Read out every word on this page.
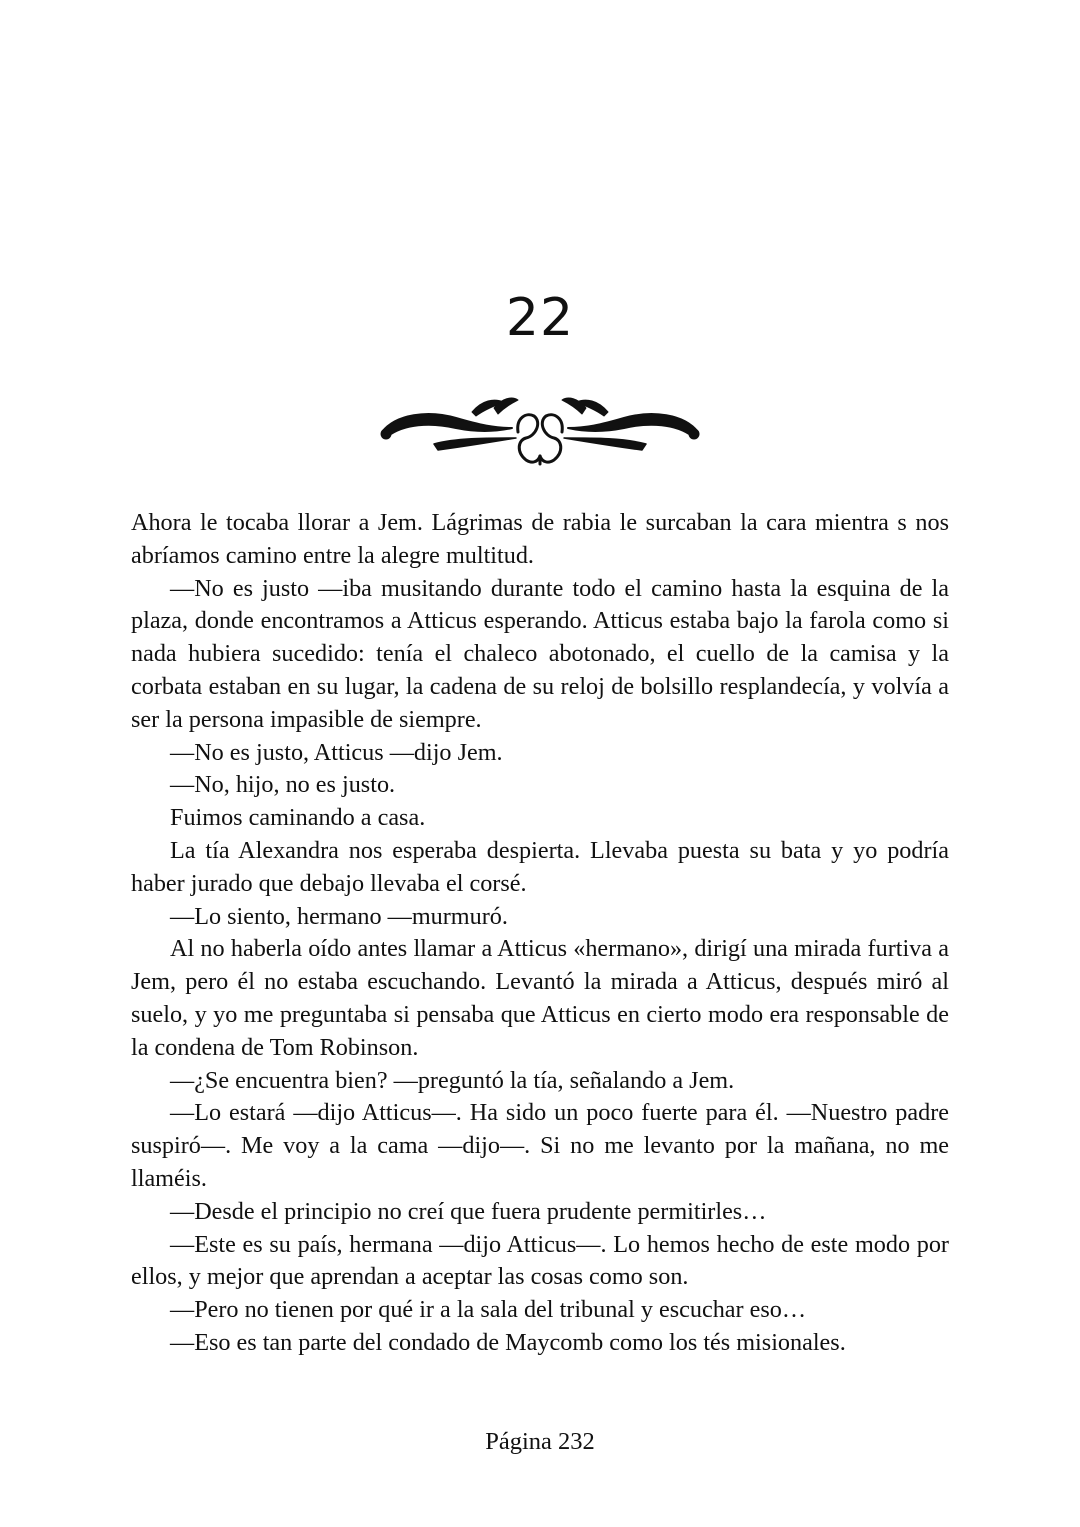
22

Ahora le tocaba llorar a Jem. Lágrimas de rabia le surcaban la cara mientra s nos abríamos camino entre la alegre multitud.

—No es justo —iba musitando durante todo el camino hasta la esquina de la plaza, donde encontramos a Atticus esperando. Atticus estaba bajo la farola como si nada hubiera sucedido: tenía el chaleco abotonado, el cuello de la camisa y la corbata estaban en su lugar, la cadena de su reloj de bolsillo resplandecía, y volvía a ser la persona impasible de siempre.

—No es justo, Atticus —dijo Jem.

—No, hijo, no es justo.

Fuimos caminando a casa.

La tía Alexandra nos esperaba despierta. Llevaba puesta su bata y yo podría haber jurado que debajo llevaba el corsé.

—Lo siento, hermano —murmuró.

Al no haberla oído antes llamar a Atticus «hermano», dirigí una mirada furtiva a Jem, pero él no estaba escuchando. Levantó la mirada a Atticus, después miró al suelo, y yo me preguntaba si pensaba que Atticus en cierto modo era responsable de la condena de Tom Robinson.

—¿Se encuentra bien? —preguntó la tía, señalando a Jem.

—Lo estará —dijo Atticus—. Ha sido un poco fuerte para él. —Nuestro padre suspiró—. Me voy a la cama —dijo—. Si no me levanto por la mañana, no me llaméis.

—Desde el principio no creí que fuera prudente permitirles…

—Este es su país, hermana —dijo Atticus—. Lo hemos hecho de este modo por ellos, y mejor que aprendan a aceptar las cosas como son.

—Pero no tienen por qué ir a la sala del tribunal y escuchar eso…

—Eso es tan parte del condado de Maycomb como los tés misionales.

Página 232
